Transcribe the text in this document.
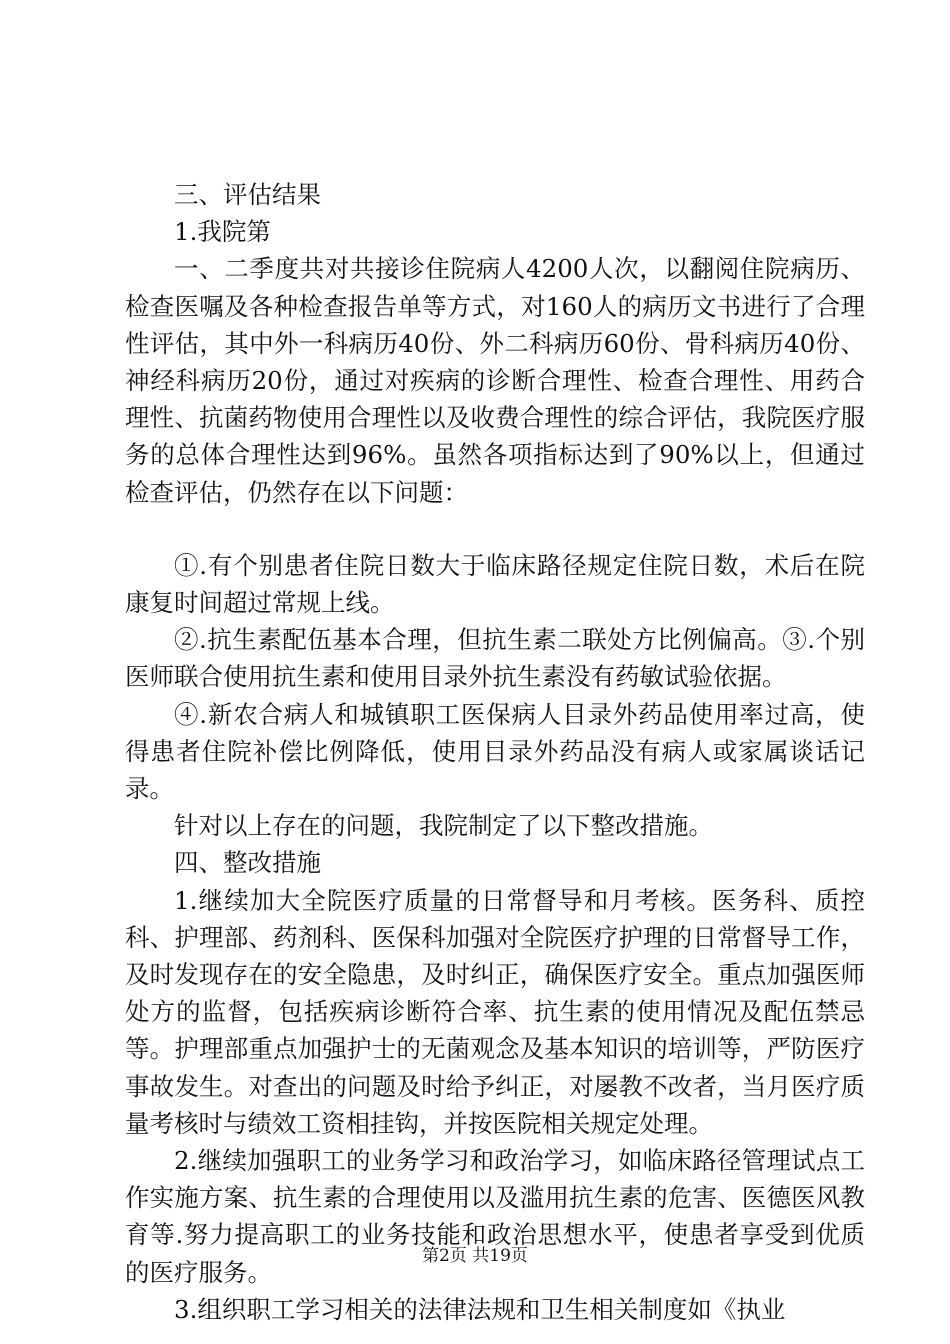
三、评估结果

1.我院第

一、二季度共对共接诊住院病人4200人次，以翻阅住院病历、检查医嘱及各种检查报告单等方式，对160人的病历文书进行了合理性评估，其中外一科病历40份、外二科病历60份、骨科病历40份、神经科病历20份，通过对疾病的诊断合理性、检查合理性、用药合理性、抗菌药物使用合理性以及收费合理性的综合评估，我院医疗服务的总体合理性达到96%。虽然各项指标达到了90%以上，但通过检查评估，仍然存在以下问题：

①.有个别患者住院日数大于临床路径规定住院日数，术后在院康复时间超过常规上线。

②.抗生素配伍基本合理，但抗生素二联处方比例偏高。③.个别医师联合使用抗生素和使用目录外抗生素没有药敏试验依据。

④.新农合病人和城镇职工医保病人目录外药品使用率过高，使得患者住院补偿比例降低，使用目录外药品没有病人或家属谈话记录。

针对以上存在的问题，我院制定了以下整改措施。

四、整改措施

1.继续加大全院医疗质量的日常督导和月考核。医务科、质控科、护理部、药剂科、医保科加强对全院医疗护理的日常督导工作，及时发现存在的安全隐患，及时纠正，确保医疗安全。重点加强医师处方的监督，包括疾病诊断符合率、抗生素的使用情况及配伍禁忌等。护理部重点加强护士的无菌观念及基本知识的培训等，严防医疗事故发生。对查出的问题及时给予纠正，对屡教不改者，当月医疗质量考核时与绩效工资相挂钩，并按医院相关规定处理。

2.继续加强职工的业务学习和政治学习，如临床路径管理试点工作实施方案、抗生素的合理使用以及滥用抗生素的危害、医德医风教育等.努力提高职工的业务技能和政治思想水平，使患者享受到优质的医疗服务。

3.组织职工学习相关的法律法规和卫生相关制度如《执业

第2页 共19页
